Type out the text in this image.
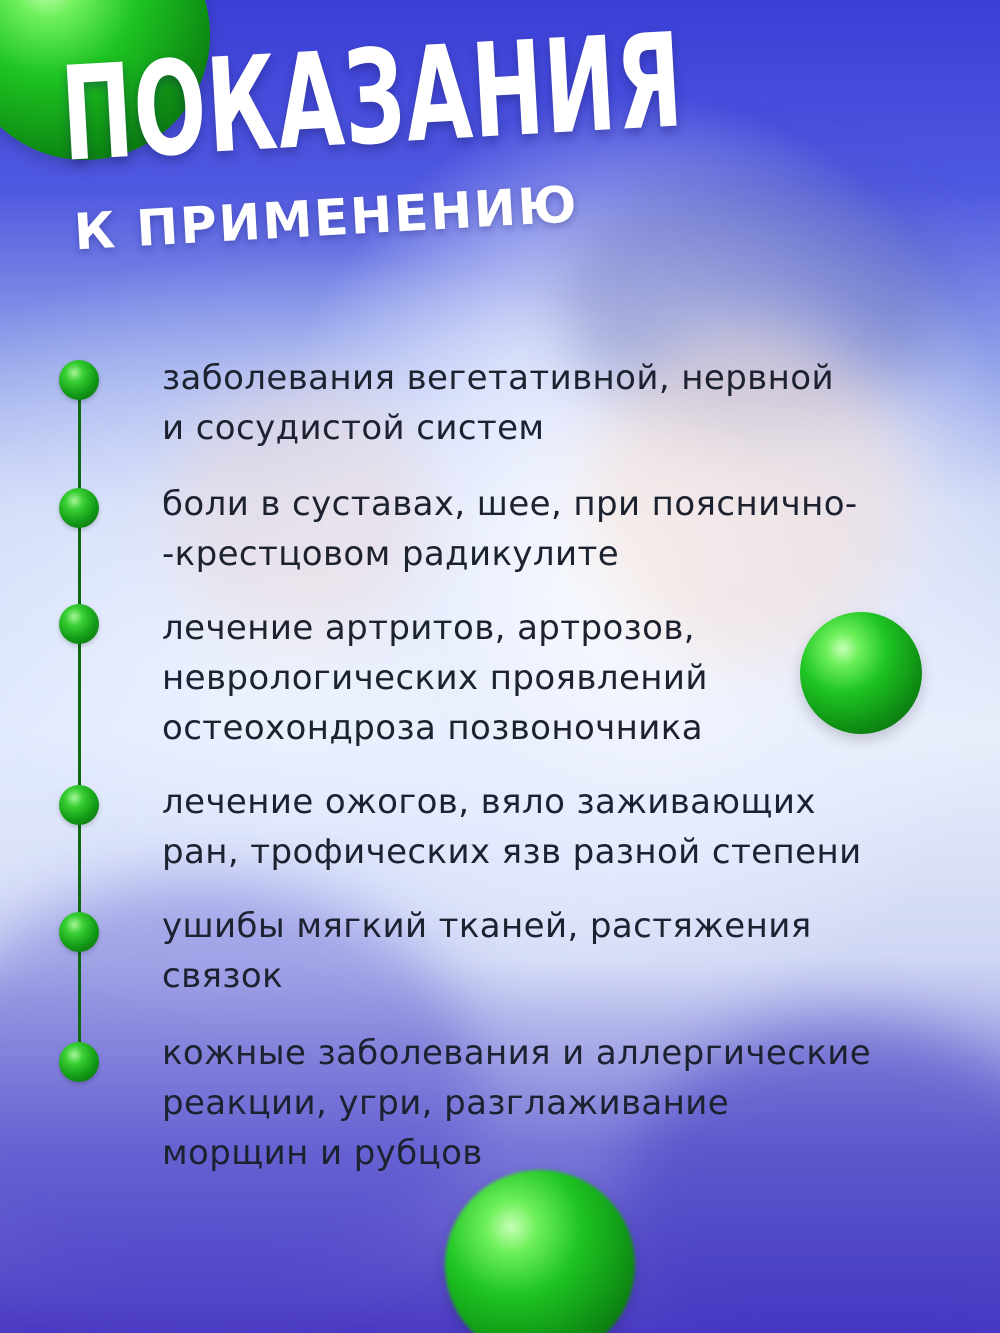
ПОКАЗАНИЯ
К ПРИМЕНЕНИЮ
заболевания вегетативной, нервной
и сосудистой систем
боли в суставах, шее, при пояснично-
-крестцовом радикулите
лечение артритов, артрозов,
неврологических проявлений
остеохондроза позвоночника
лечение ожогов, вяло заживающих
ран, трофических язв разной степени
ушибы мягкий тканей, растяжения
связок
кожные заболевания и аллергические
реакции, угри, разглаживание
морщин и рубцов
